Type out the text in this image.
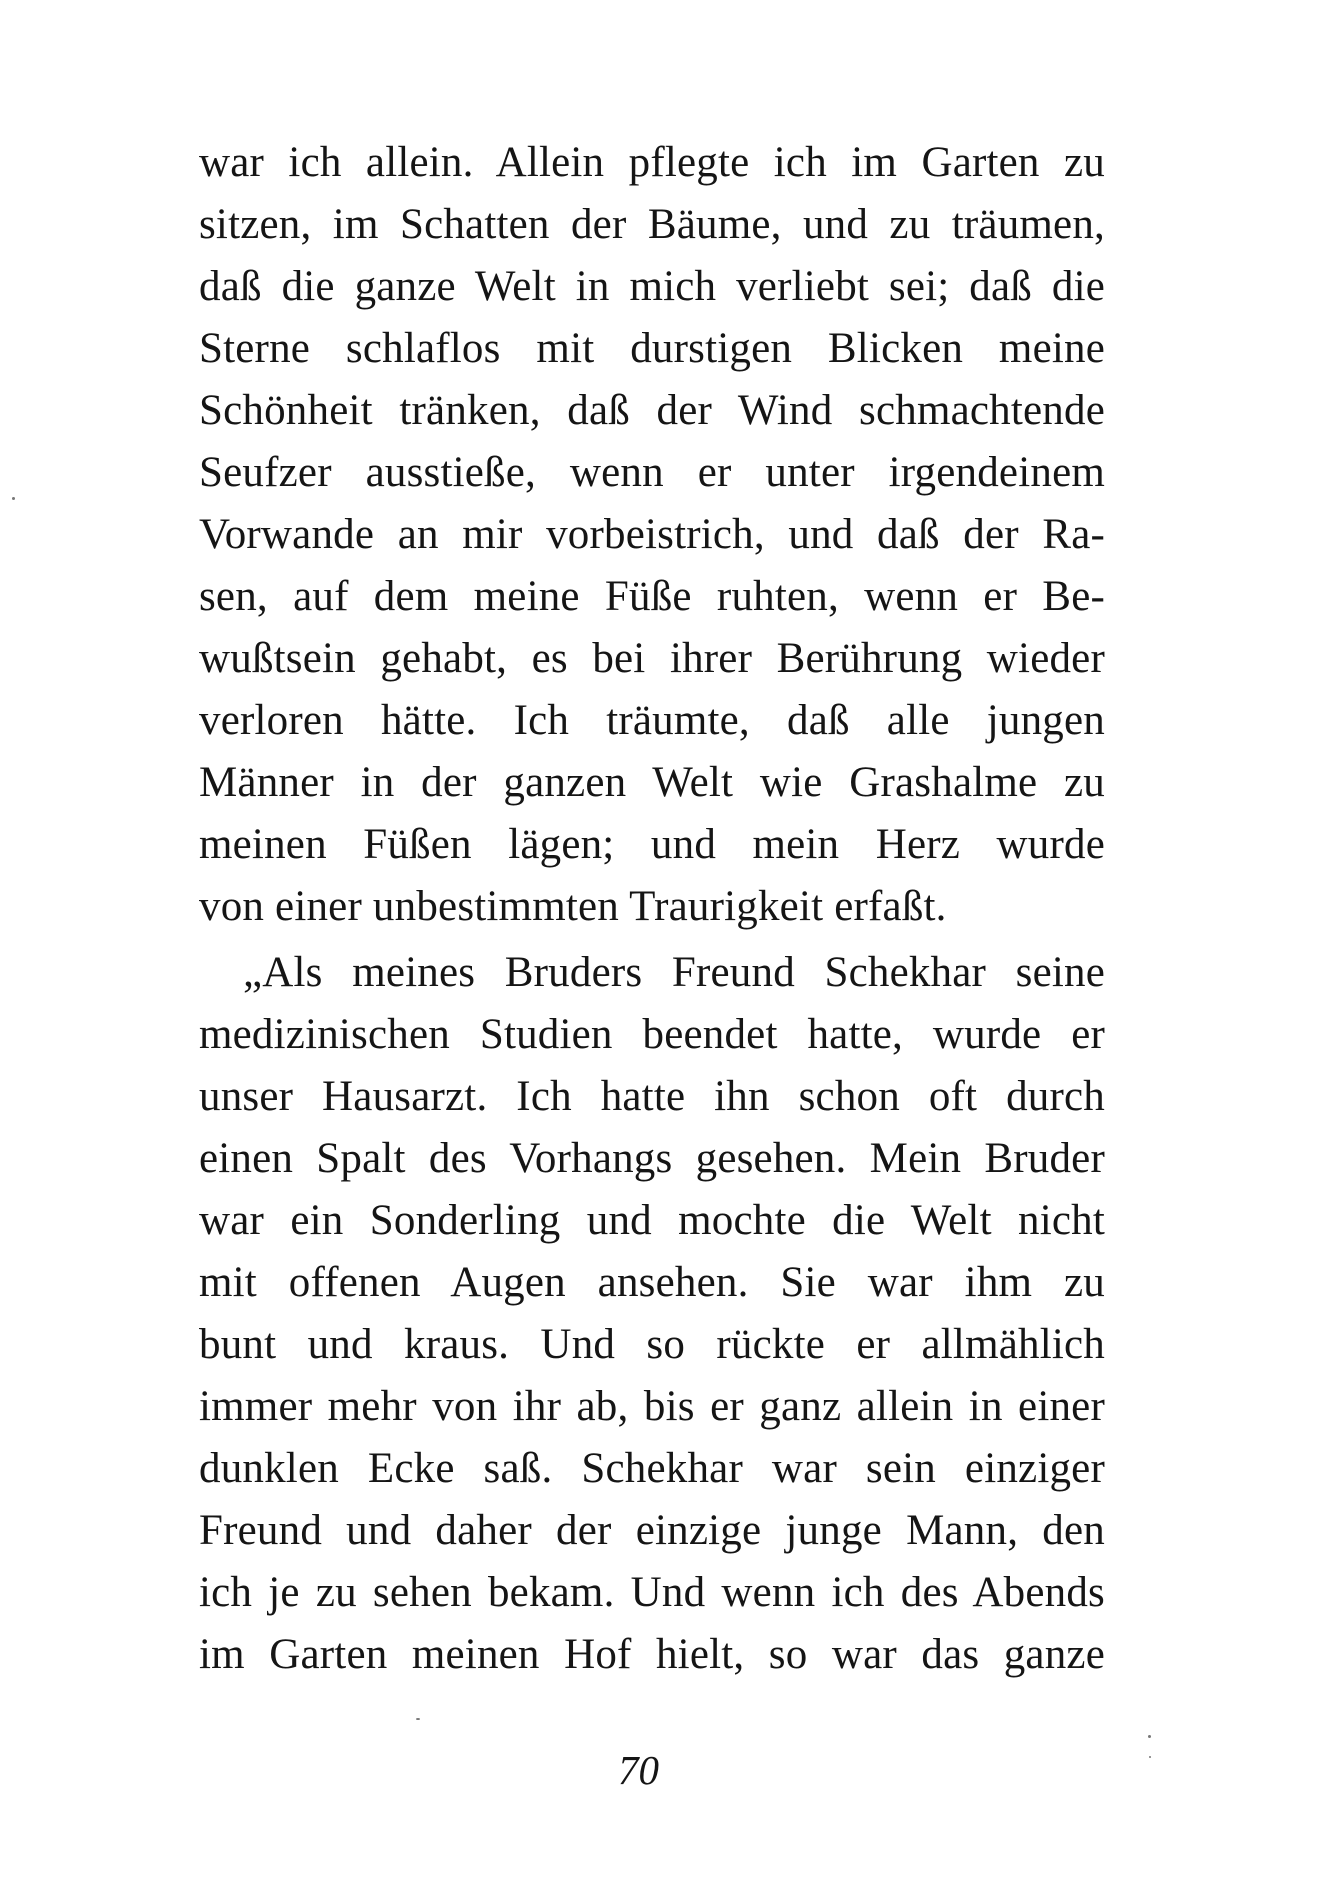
war ich allein. Allein pflegte ich im Garten zu
sitzen, im Schatten der Bäume, und zu träumen,
daß die ganze Welt in mich verliebt sei; daß die
Sterne schlaflos mit durstigen Blicken meine
Schönheit tränken, daß der Wind schmachtende
Seufzer ausstieße, wenn er unter irgendeinem
Vorwande an mir vorbeistrich, und daß der Ra-
sen, auf dem meine Füße ruhten, wenn er Be-
wußtsein gehabt, es bei ihrer Berührung wieder
verloren hätte. Ich träumte, daß alle jungen
Männer in der ganzen Welt wie Grashalme zu
meinen Füßen lägen; und mein Herz wurde
von einer unbestimmten Traurigkeit erfaßt.
„Als meines Bruders Freund Schekhar seine
medizinischen Studien beendet hatte, wurde er
unser Hausarzt. Ich hatte ihn schon oft durch
einen Spalt des Vorhangs gesehen. Mein Bruder
war ein Sonderling und mochte die Welt nicht
mit offenen Augen ansehen. Sie war ihm zu
bunt und kraus. Und so rückte er allmählich
immer mehr von ihr ab, bis er ganz allein in einer
dunklen Ecke saß. Schekhar war sein einziger
Freund und daher der einzige junge Mann, den
ich je zu sehen bekam. Und wenn ich des Abends
im Garten meinen Hof hielt, so war das ganze
70
